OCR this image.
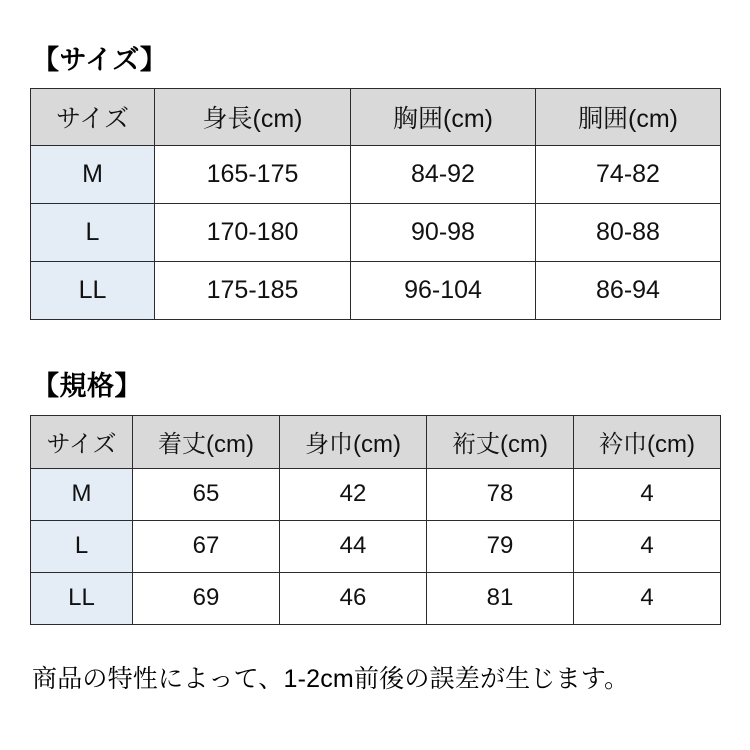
【サイズ】
サイズ	身長(cm)	胸囲(cm)	胴囲(cm)
M	165-175	84-92	74-82
L	170-180	90-98	80-88
LL	175-185	96-104	86-94
【規格】
サイズ	着丈(cm)	身巾(cm)	裄丈(cm)	衿巾(cm)
M	65	42	78	4
L	67	44	79	4
LL	69	46	81	4

商品の特性によって、1-2cm前後の誤差が生じます。
